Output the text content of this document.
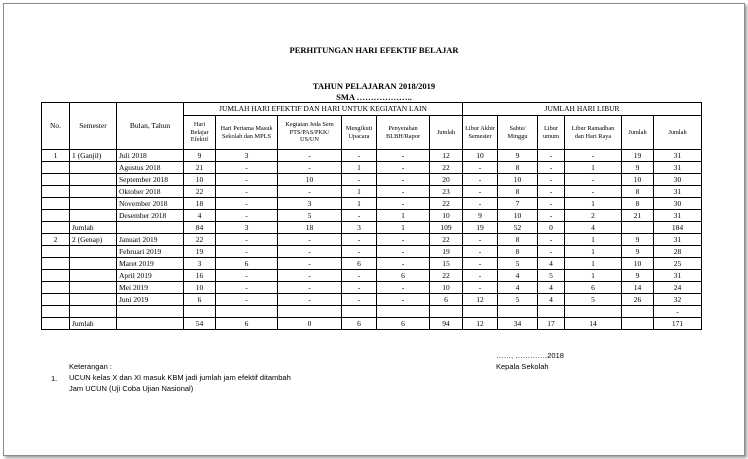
PERHITUNGAN HARI EFEKTIF BELAJAR
TAHUN PELAJARAN 2018/2019
SMA ………………..
No.	Semester	Bulan, Tahun	JUMLAH HARI EFEKTIF DAN HARI UNTUK KEGIATAN LAIN						JUMLAH HARI LIBUR					
			Hari Belajar Efektif	Hari Pertama Masuk Sekolah dan MPLS	Kegiatan Jeda Sem PTS/PAS/PKK/ US/UN	Mengikuti Upacara	Penyerahan BLBH/Rapor	Jumlah	Libur Akhir Semester	Sabtu/ Minggu	Libur umum	Libur Ramadhan dan Hari Raya	Jumlah	Jumlah
1	1 (Ganjil)	Juli 2018	9	3	-	-	-	12	10	9	-	-	19	31
		Agustus 2018	21	-	-	1	-	22	-	8	-	1	9	31
		September 2018	10	-	10	-	-	20	-	10	-	-	10	30
		Oktober 2018	22	-	-	1	-	23	-	8	-	-	8	31
		November 2018	18	-	3	1	-	22	-	7	-	1	8	30
		Desember 2018	4	-	5	-	1	10	9	10	-	2	21	31
	Jumlah		84	3	18	3	1	109	19	52	0	4		184
2	2 (Genap)	Januari 2019	22	-	-	-	-	22	-	8	-	1	9	31
		Februari 2019	19	-	-	-	-	19	-	8	-	1	9	28
		Maret 2019	3	6	-	6	-	15	-	5	4	1	10	25
		April 2019	16	-	-	-	6	22	-	4	5	1	9	31
		Mei 2019	10	-	-	-	-	10	-	4	4	6	14	24
		Juni 2019	6	-	-	-	-	6	12	5	4	5	26	32
														-
	Jumlah		54	6	0	6	6	94	12	34	17	14		171
Keterangan :
1. UCUN kelas X dan XI masuk KBM jadi jumlah jam efektif ditambah
Jam UCUN (Uji Coba Ujian Nasional)
……, ………….2018
Kepala Sekolah
